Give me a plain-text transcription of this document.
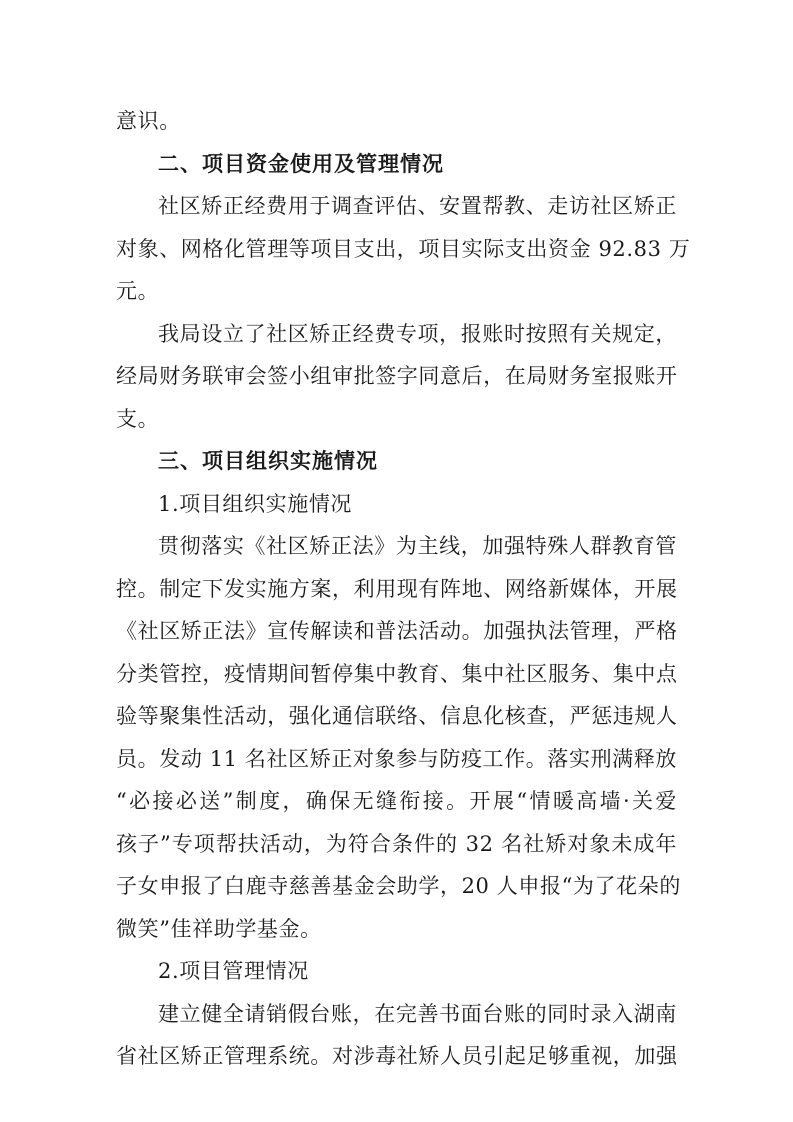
意识。
二、项目资金使用及管理情况
社区矫正经费用于调查评估、安置帮教、走访社区矫正
对象、网格化管理等项目支出，项目实际支出资金 92.83 万
元。
我局设立了社区矫正经费专项，报账时按照有关规定，
经局财务联审会签小组审批签字同意后，在局财务室报账开
支。
三、项目组织实施情况
1.项目组织实施情况
贯彻落实《社区矫正法》为主线，加强特殊人群教育管
控。制定下发实施方案，利用现有阵地、网络新媒体，开展
《社区矫正法》宣传解读和普法活动。加强执法管理，严格
分类管控，疫情期间暂停集中教育、集中社区服务、集中点
验等聚集性活动，强化通信联络、信息化核查，严惩违规人
员。发动 11 名社区矫正对象参与防疫工作。落实刑满释放
“必接必送”制度，确保无缝衔接。开展“情暖高墙·关爱
孩子”专项帮扶活动，为符合条件的 32 名社矫对象未成年
子女申报了白鹿寺慈善基金会助学，20 人申报“为了花朵的
微笑”佳祥助学基金。
2.项目管理情况
建立健全请销假台账，在完善书面台账的同时录入湖南
省社区矫正管理系统。对涉毒社矫人员引起足够重视，加强
